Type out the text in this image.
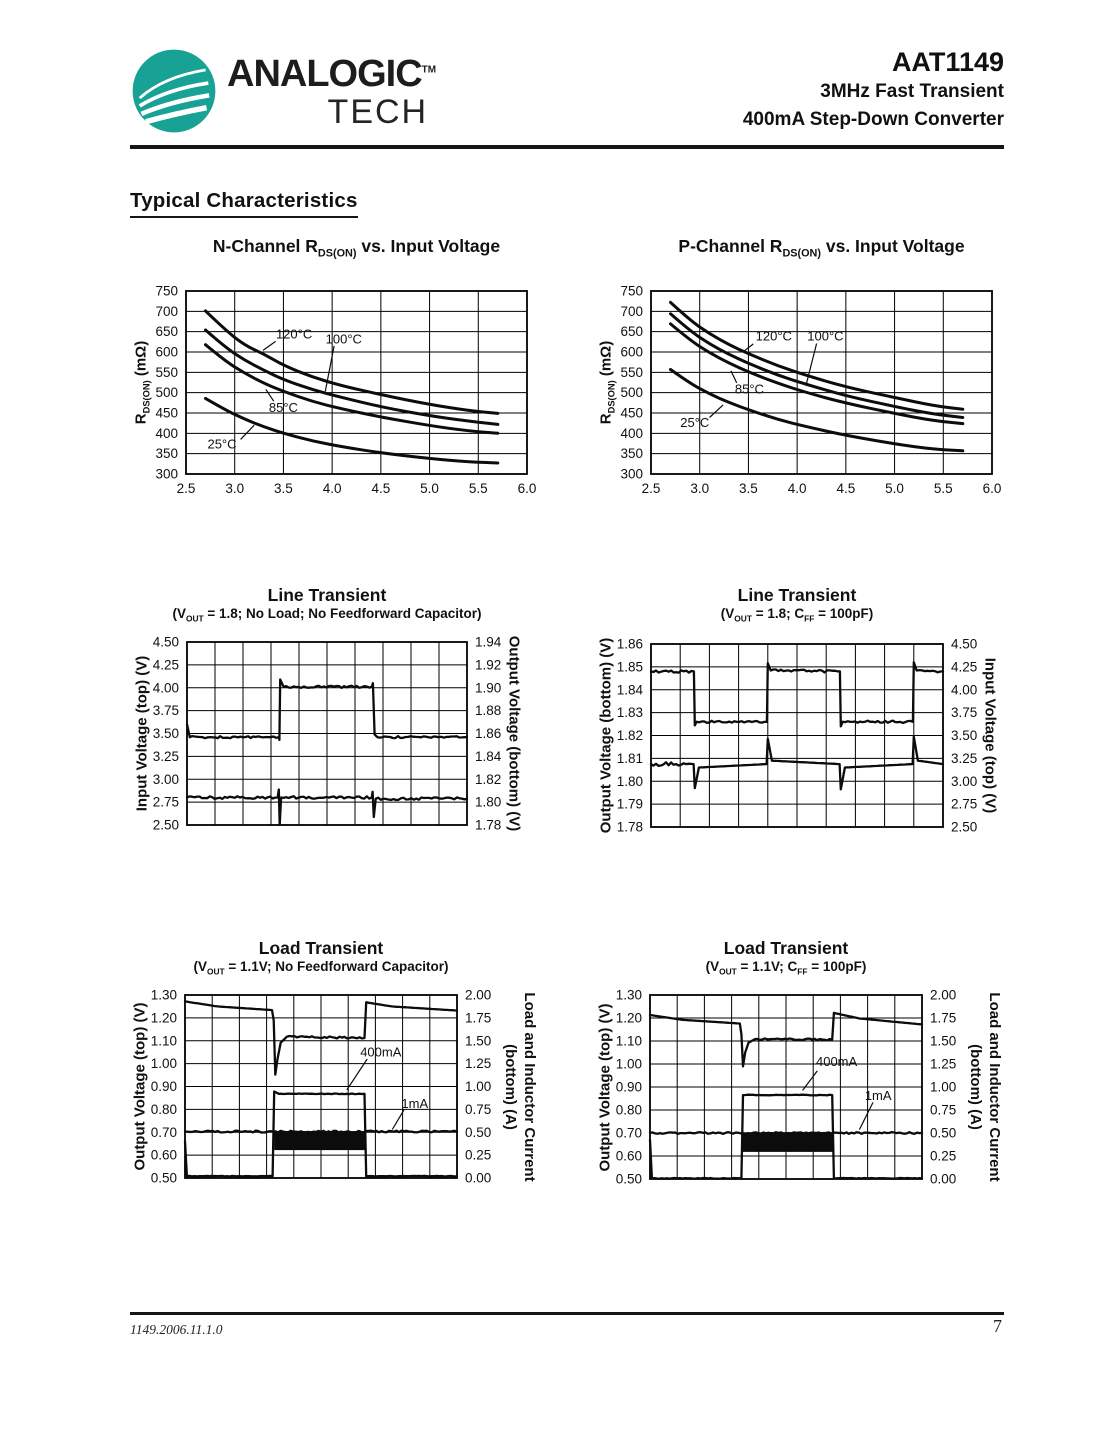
ANALOGIC™
TECH
AAT1149
3MHz Fast Transient
400mA Step-Down Converter
Typical Characteristics
N-Channel $R_{DS(ON)}$ vs. Input Voltage
$R_{DS(ON)}$ (mΩ)
120°C 100°C
85°C
25°C
2.5 3.0 3.5 4.0 4.5 5.0 5.5 6.0
750
700
650
600
550
500
450
400
350
300
P-Channel $R_{DS(ON)}$ vs. Input Voltage
$R_{DS(ON)}$ (mΩ)
120°C 100°C
85°C
25°C
2.5 3.0 3.5 4.0 4.5 5.0 5.5 6.0
750
700
650
600
550
500
450
400
350
300
Line Transient
($V_{OUT} = 1.8$; No Load; No Feedforward Capacitor)
Input Voltage (top) (V)	Output Voltage (bottom) (V)
4.50	1.94
4.25	1.92
4.00	1.90
3.75	1.88
3.50	1.86
3.25	1.84
3.00	1.82
2.75	1.80
2.50	1.78
Line Transient
($V_{OUT} = 1.8$; $C_{FF} = 100pF$)
Output Voltage (bottom) (V)	Input Voltage (top) (V)
1.86	4.50
1.85	4.25
1.84	4.00
1.83	3.75
1.82	3.50
1.81	3.25
1.80	3.00
1.79	2.75
1.78	2.50
Load Transient
($V_{OUT} = 1.1V$; No Feedforward Capacitor)
Output Voltage (top) (V)	Load and Inductor Current
(bottom) (A)
400mA
1mA
1.30	2.00
1.20	1.75
1.10	1.50
1.00	1.25
0.90	1.00
0.80	0.75
0.70	0.50
0.60	0.25
0.50	0.00
Load Transient
($V_{OUT} = 1.1V$; $C_{FF} = 100pF$)
Output Voltage (top) (V)	Load and Inductor Current
(bottom) (A)
400mA
1mA
1.30	2.00
1.20	1.75
1.10	1.50
1.00	1.25
0.90	1.00
0.80	0.75
0.70	0.50
0.60	0.25
0.50	0.00
1149.2006.11.1.0	7
